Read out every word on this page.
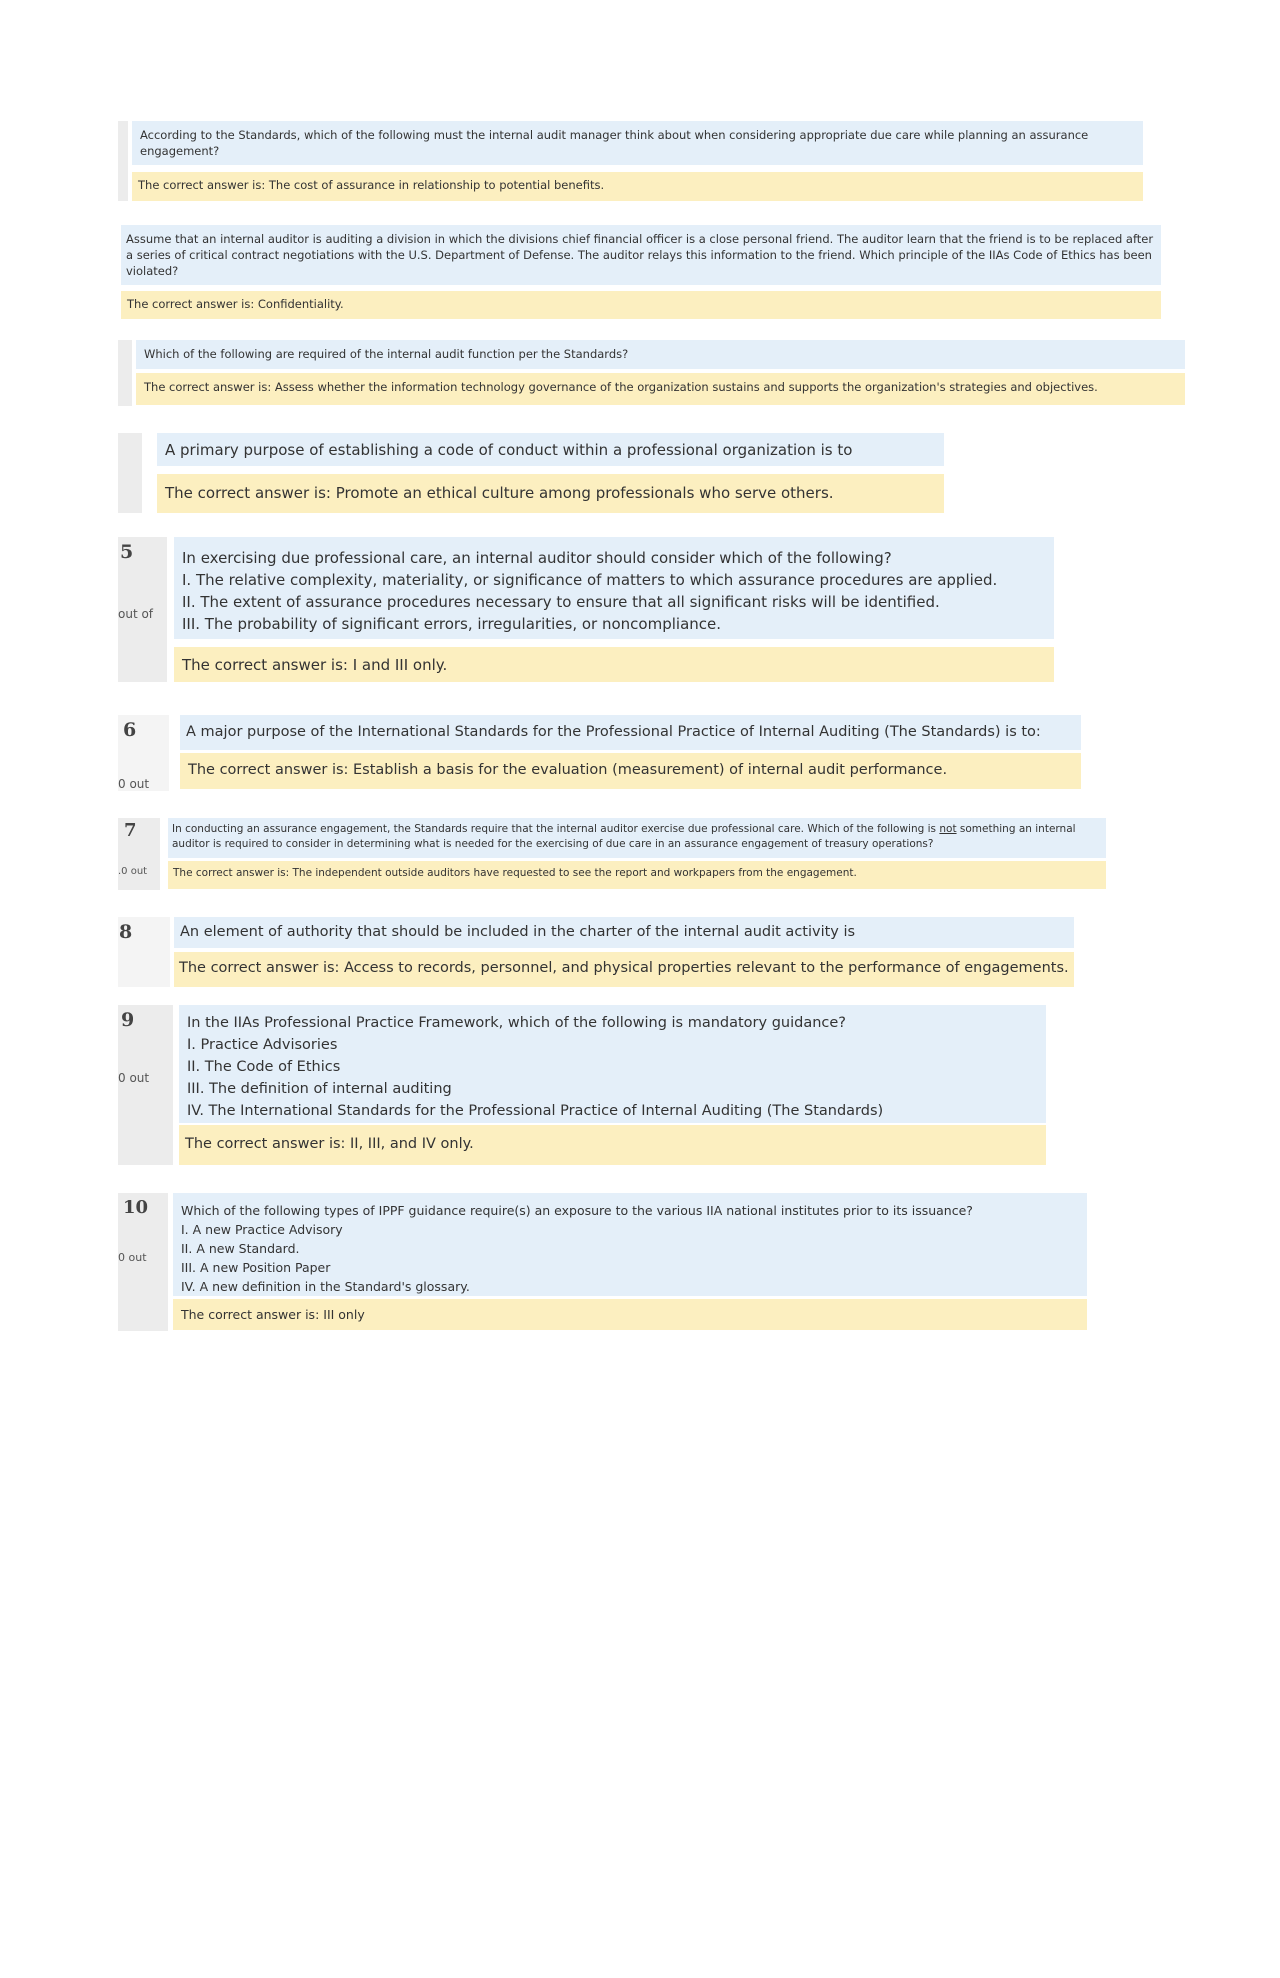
According to the Standards, which of the following must the internal audit manager think about when considering appropriate due care while planning an assurance engagement?
The correct answer is: The cost of assurance in relationship to potential benefits.
Assume that an internal auditor is auditing a division in which the divisions chief financial officer is a close personal friend. The auditor learn that the friend is to be replaced after a series of critical contract negotiations with the U.S. Department of Defense. The auditor relays this information to the friend. Which principle of the IIAs Code of Ethics has been violated?
The correct answer is: Confidentiality.
Which of the following are required of the internal audit function per the Standards?
The correct answer is: Assess whether the information technology governance of the organization sustains and supports the organization's strategies and objectives.
A primary purpose of establishing a code of conduct within a professional organization is to
The correct answer is: Promote an ethical culture among professionals who serve others.
5
out of
In exercising due professional care, an internal auditor should consider which of the following?
I. The relative complexity, materiality, or significance of matters to which assurance procedures are applied.
II. The extent of assurance procedures necessary to ensure that all significant risks will be identified.
III. The probability of significant errors, irregularities, or noncompliance.
The correct answer is: I and III only.
6
0 out
A major purpose of the International Standards for the Professional Practice of Internal Auditing (The Standards) is to:
The correct answer is: Establish a basis for the evaluation (measurement) of internal audit performance.
7
.0 out
In conducting an assurance engagement, the Standards require that the internal auditor exercise due professional care. Which of the following is not something an internal auditor is required to consider in determining what is needed for the exercising of due care in an assurance engagement of treasury operations?
The correct answer is: The independent outside auditors have requested to see the report and workpapers from the engagement.
8	An element of authority that should be included in the charter of the internal audit activity is
The correct answer is: Access to records, personnel, and physical properties relevant to the performance of engagements.
9
0 out
In the IIAs Professional Practice Framework, which of the following is mandatory guidance?
I. Practice Advisories
II. The Code of Ethics
III. The definition of internal auditing
IV. The International Standards for the Professional Practice of Internal Auditing (The Standards)
The correct answer is: II, III, and IV only.
10
0 out
Which of the following types of IPPF guidance require(s) an exposure to the various IIA national institutes prior to its issuance?
I. A new Practice Advisory
II. A new Standard.
III. A new Position Paper
IV. A new definition in the Standard's glossary.
The correct answer is: III only
